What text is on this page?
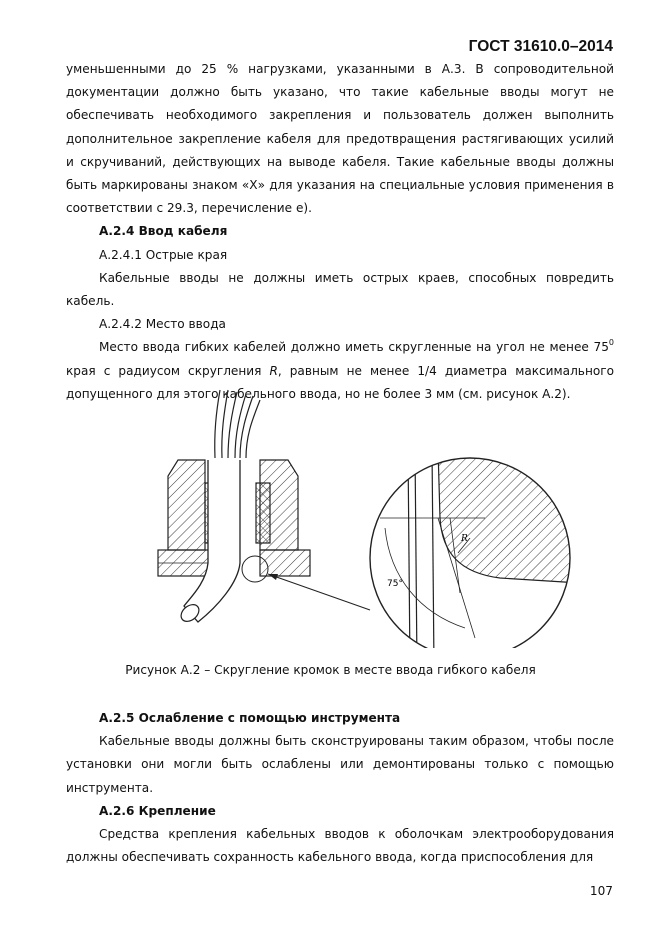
ГОСТ 31610.0–2014

уменьшенными до 25 % нагрузками, указанными в А.3. В сопроводительной документации должно быть указано, что такие кабельные вводы могут не обеспечивать необходимого закрепления и пользователь должен выполнить дополнительное закрепление кабеля для предотвращения растягивающих усилий и скручиваний, действующих на выводе кабеля. Такие кабельные вводы должны быть маркированы знаком «X» для указания на специальные условия применения в соответствии с 29.3, перечисление е).

А.2.4 Ввод кабеля

А.2.4.1 Острые края

Кабельные вводы не должны иметь острых краев, способных повредить кабель.

А.2.4.2 Место ввода

Место ввода гибких кабелей должно иметь скругленные на угол не менее $75^0$ края с радиусом скругления R, равным не менее 1/4 диаметра максимального допущенного для этого кабельного ввода, но не более 3 мм (см. рисунок А.2).

R
75°
Рисунок А.2 – Скругление кромок в месте ввода гибкого кабеля

А.2.5 Ослабление с помощью инструмента

Кабельные вводы должны быть сконструированы таким образом, чтобы после установки они могли быть ослаблены или демонтированы только с помощью инструмента.

А.2.6 Крепление

Средства крепления кабельных вводов к оболочкам электрооборудования должны обеспечивать сохранность кабельного ввода, когда приспособления для

107
